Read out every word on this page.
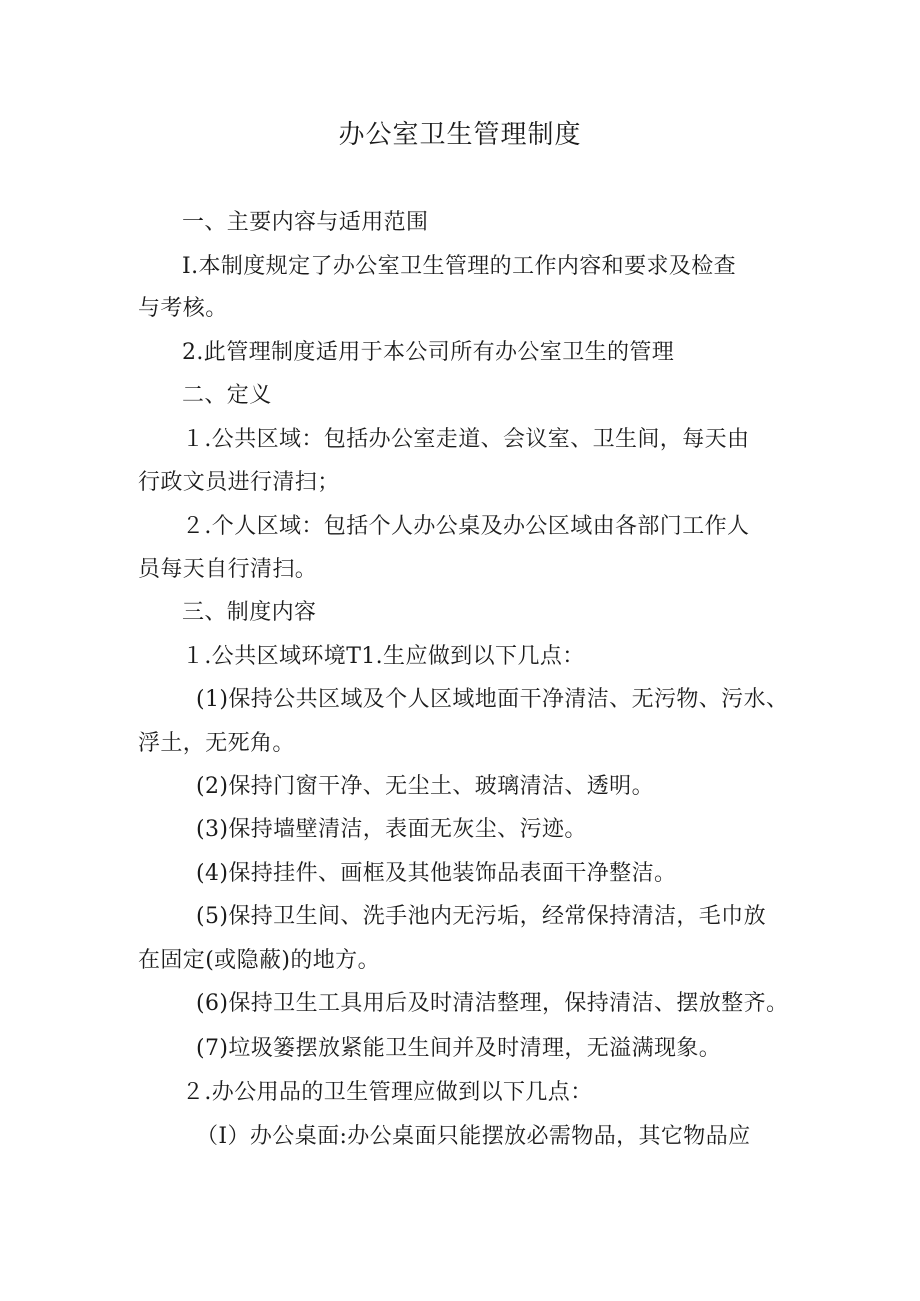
办公室卫生管理制度
一、主要内容与适用范围
I.本制度规定了办公室卫生管理的工作内容和要求及检查
与考核。
2.此管理制度适用于本公司所有办公室卫生的管理
二、定义
１.公共区域：包括办公室走道、会议室、卫生间，每天由
行政文员进行清扫；
２.个人区域：包括个人办公桌及办公区域由各部门工作人
员每天自行清扫。
三、制度内容
１.公共区域环境T1.生应做到以下几点：
(1)保持公共区域及个人区域地面干净清洁、无污物、污水、
浮土，无死角。
(2)保持门窗干净、无尘土、玻璃清洁、透明。
(3)保持墙壁清洁，表面无灰尘、污迹。
(4)保持挂件、画框及其他装饰品表面干净整洁。
(5)保持卫生间、洗手池内无污垢，经常保持清洁，毛巾放
在固定(或隐蔽)的地方。
(6)保持卫生工具用后及时清洁整理，保持清洁、摆放整齐。
(7)垃圾篓摆放紧能卫生间并及时清理，无溢满现象。
２.办公用品的卫生管理应做到以下几点：
（I）办公桌面:办公桌面只能摆放必需物品，其它物品应
